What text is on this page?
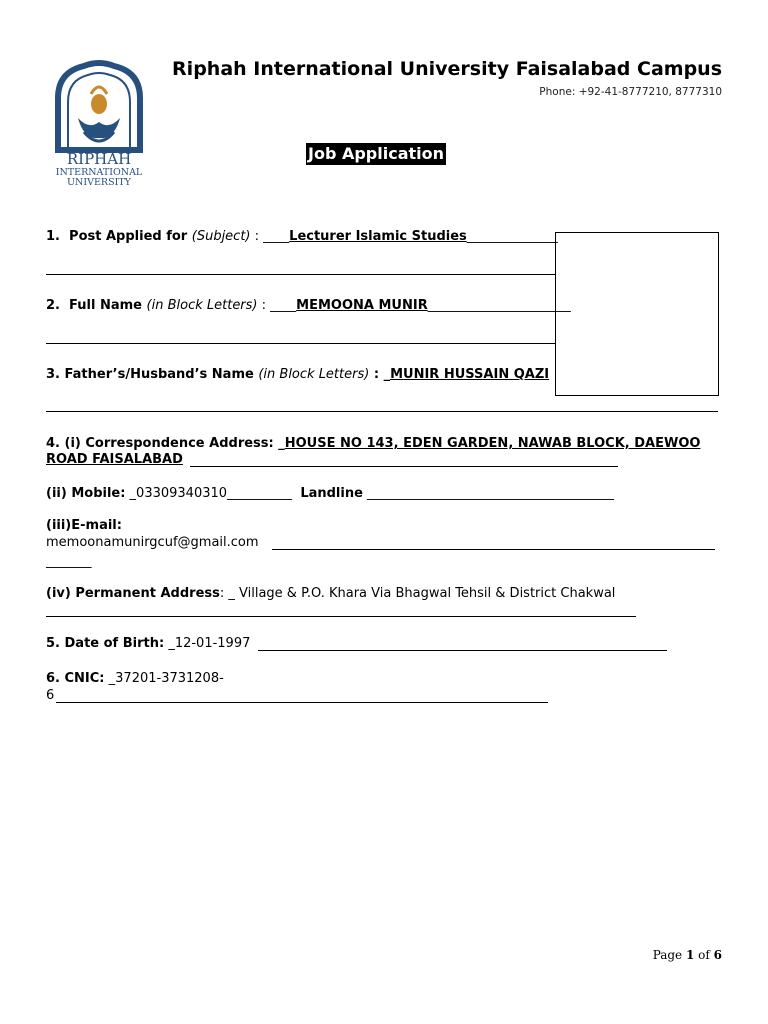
RIPHAH
INTERNATIONAL
UNIVERSITY
Riphah International University Faisalabad Campus
Phone: +92-41-8777210, 8777310
Job Application
1. Post Applied for (Subject) : ____Lecturer Islamic Studies______________
2. Full Name (in Block Letters) : ____MEMOONA MUNIR______________________
3. Father’s/Husband’s Name (in Block Letters) : _MUNIR HUSSAIN QAZI
4. (i) Correspondence Address: _HOUSE NO 143, EDEN GARDEN, NAWAB BLOCK, DAEWOO
ROAD FAISALABAD
(ii) Mobile: _03309340310__________ Landline ______________________________________
(iii)E-mail:
memoonamunirgcuf@gmail.com
_______
(iv) Permanent Address: _ Village & P.O. Khara Via Bhagwal Tehsil & District Chakwal
5. Date of Birth: _12-01-1997
6. CNIC: _37201-3731208-
6
Page 1 of 6
